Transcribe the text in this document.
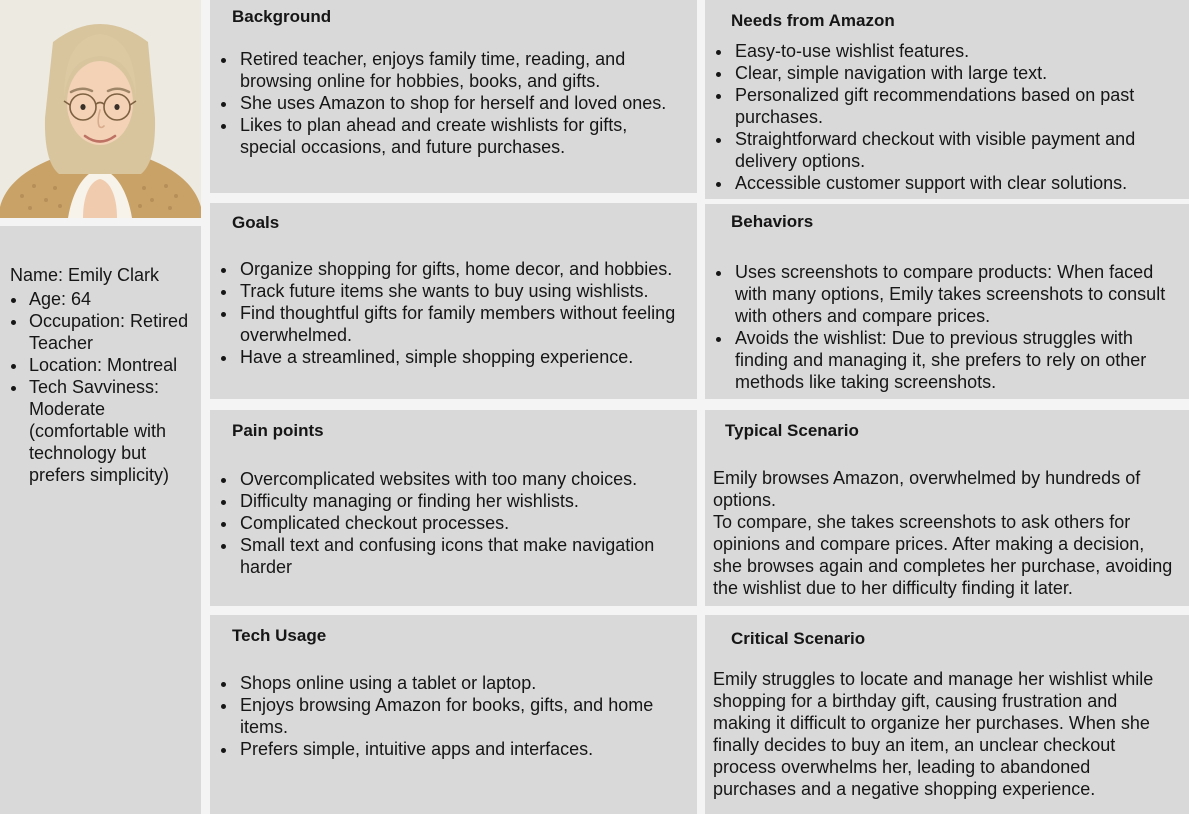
Name: Emily Clark
• Age: 64
• Occupation: Retired Teacher
• Location: Montreal
• Tech Savviness: Moderate (comfortable with technology but prefers simplicity)
Background
• Retired teacher, enjoys family time, reading, and browsing online for hobbies, books, and gifts.
• She uses Amazon to shop for herself and loved ones.
• Likes to plan ahead and create wishlists for gifts, special occasions, and future purchases.
Goals
• Organize shopping for gifts, home decor, and hobbies.
• Track future items she wants to buy using wishlists.
• Find thoughtful gifts for family members without feeling overwhelmed.
• Have a streamlined, simple shopping experience.
Pain points
• Overcomplicated websites with too many choices.
• Difficulty managing or finding her wishlists.
• Complicated checkout processes.
• Small text and confusing icons that make navigation harder
Tech Usage
• Shops online using a tablet or laptop.
• Enjoys browsing Amazon for books, gifts, and home items.
• Prefers simple, intuitive apps and interfaces.
Needs from Amazon
• Easy-to-use wishlist features.
• Clear, simple navigation with large text.
• Personalized gift recommendations based on past purchases.
• Straightforward checkout with visible payment and delivery options.
• Accessible customer support with clear solutions.
Behaviors
• Uses screenshots to compare products: When faced with many options, Emily takes screenshots to consult with others and compare prices.
• Avoids the wishlist: Due to previous struggles with finding and managing it, she prefers to rely on other methods like taking screenshots.
Typical Scenario

Emily browses Amazon, overwhelmed by hundreds of options.

To compare, she takes screenshots to ask others for opinions and compare prices. After making a decision, she browses again and completes her purchase, avoiding the wishlist due to her difficulty finding it later.

Critical Scenario

Emily struggles to locate and manage her wishlist while shopping for a birthday gift, causing frustration and making it difficult to organize her purchases. When she finally decides to buy an item, an unclear checkout process overwhelms her, leading to abandoned purchases and a negative shopping experience.
